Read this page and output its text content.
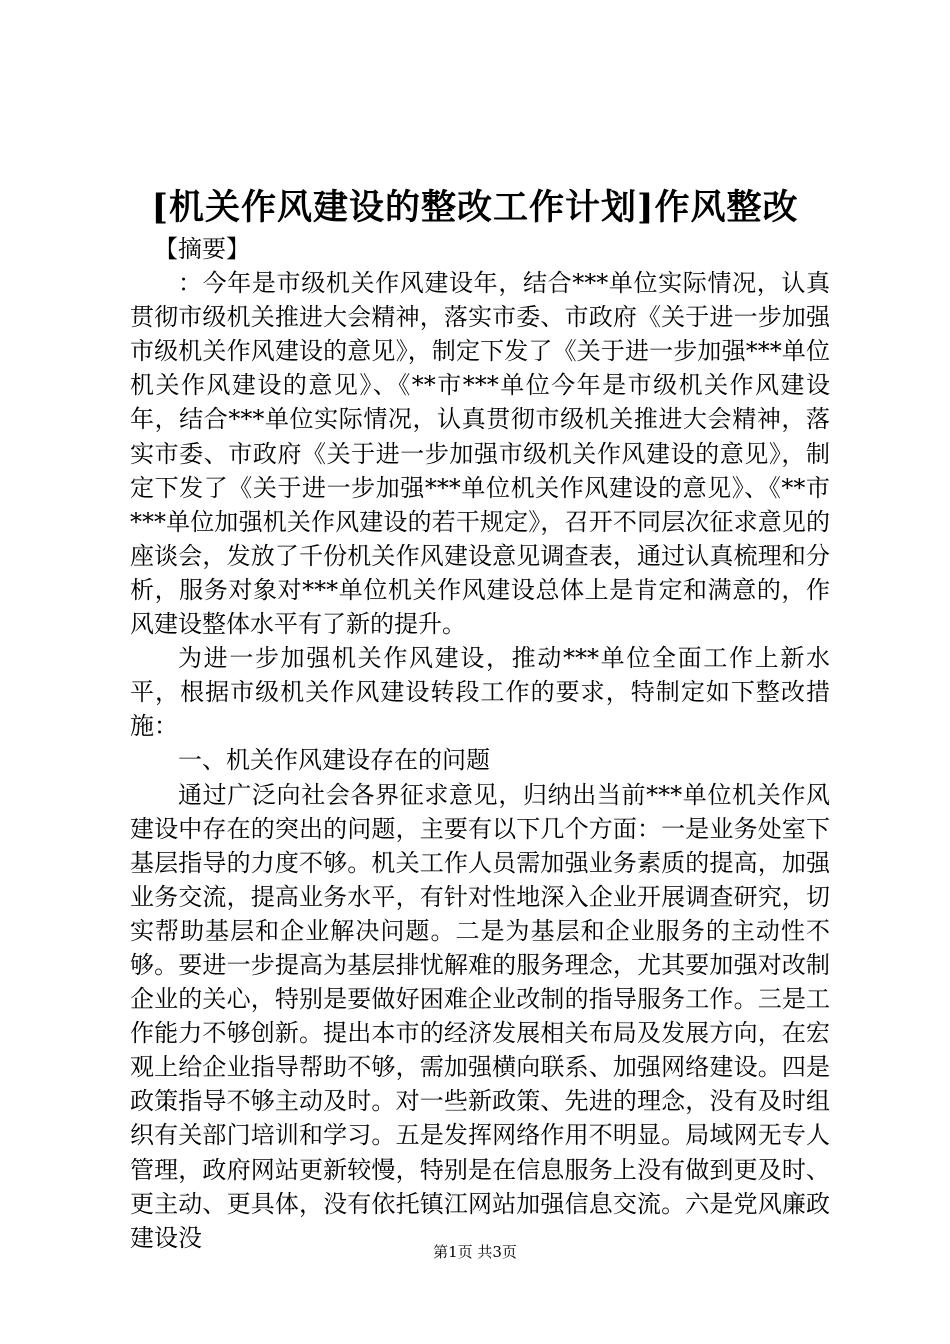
[机关作风建设的整改工作计划]作风整改

【摘要】

：今年是市级机关作风建设年，结合***单位实际情况，认真贯彻市级机关推进大会精神，落实市委、市政府《关于进一步加强市级机关作风建设的意见》，制定下发了《关于进一步加强***单位机关作风建设的意见》、《**市***单位今年是市级机关作风建设年，结合***单位实际情况，认真贯彻市级机关推进大会精神，落实市委、市政府《关于进一步加强市级机关作风建设的意见》，制定下发了《关于进一步加强***单位机关作风建设的意见》、《**市***单位加强机关作风建设的若干规定》，召开不同层次征求意见的座谈会，发放了千份机关作风建设意见调查表，通过认真梳理和分析，服务对象对***单位机关作风建设总体上是肯定和满意的，作风建设整体水平有了新的提升。

为进一步加强机关作风建设，推动***单位全面工作上新水平，根据市级机关作风建设转段工作的要求，特制定如下整改措施：

一、机关作风建设存在的问题

通过广泛向社会各界征求意见，归纳出当前***单位机关作风建设中存在的突出的问题，主要有以下几个方面：一是业务处室下基层指导的力度不够。机关工作人员需加强业务素质的提高，加强业务交流，提高业务水平，有针对性地深入企业开展调查研究，切实帮助基层和企业解决问题。二是为基层和企业服务的主动性不够。要进一步提高为基层排忧解难的服务理念，尤其要加强对改制企业的关心，特别是要做好困难企业改制的指导服务工作。三是工作能力不够创新。提出本市的经济发展相关布局及发展方向，在宏观上给企业指导帮助不够，需加强横向联系、加强网络建设。四是政策指导不够主动及时。对一些新政策、先进的理念，没有及时组织有关部门培训和学习。五是发挥网络作用不明显。局域网无专人管理，政府网站更新较慢，特别是在信息服务上没有做到更及时、更主动、更具体，没有依托镇江网站加强信息交流。六是党风廉政建设没

第1页 共3页
